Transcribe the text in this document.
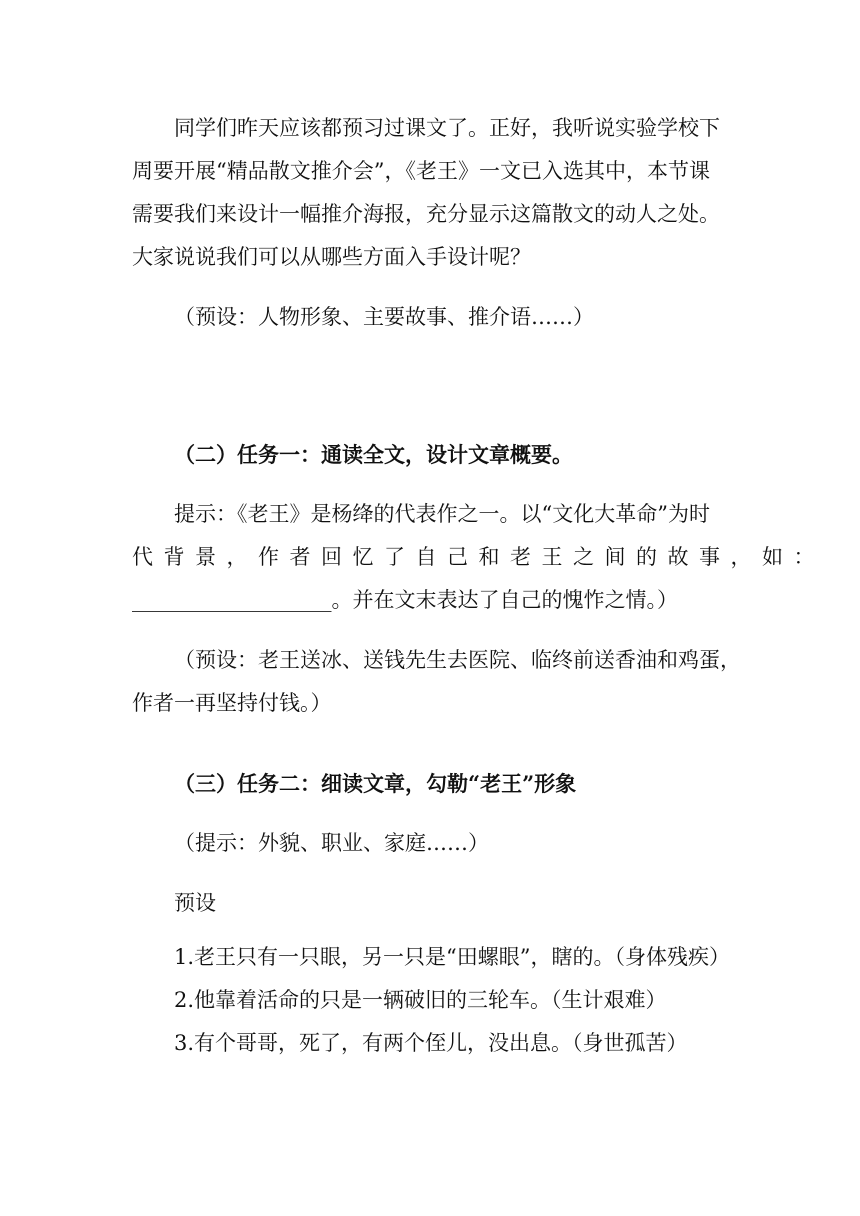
同学们昨天应该都预习过课文了。正好，我听说实验学校下

周要开展“精品散文推介会”，《老王》一文已入选其中，本节课

需要我们来设计一幅推介海报，充分显示这篇散文的动人之处。

大家说说我们可以从哪些方面入手设计呢？

（预设：人物形象、主要故事、推介语……）

（二）任务一：通读全文，设计文章概要。

提示：《老王》是杨绛的代表作之一。以“文化大革命”为时

代背景，作者回忆了自己和老王之间的故事，如：

___________________。并在文末表达了自己的愧怍之情。）

（预设：老王送冰、送钱先生去医院、临终前送香油和鸡蛋，

作者一再坚持付钱。）

（三）任务二：细读文章，勾勒“老王”形象

（提示：外貌、职业、家庭……）

预设

1.老王只有一只眼，另一只是“田螺眼”，瞎的。（身体残疾）

2.他靠着活命的只是一辆破旧的三轮车。（生计艰难）

3.有个哥哥，死了，有两个侄儿，没出息。（身世孤苦）
